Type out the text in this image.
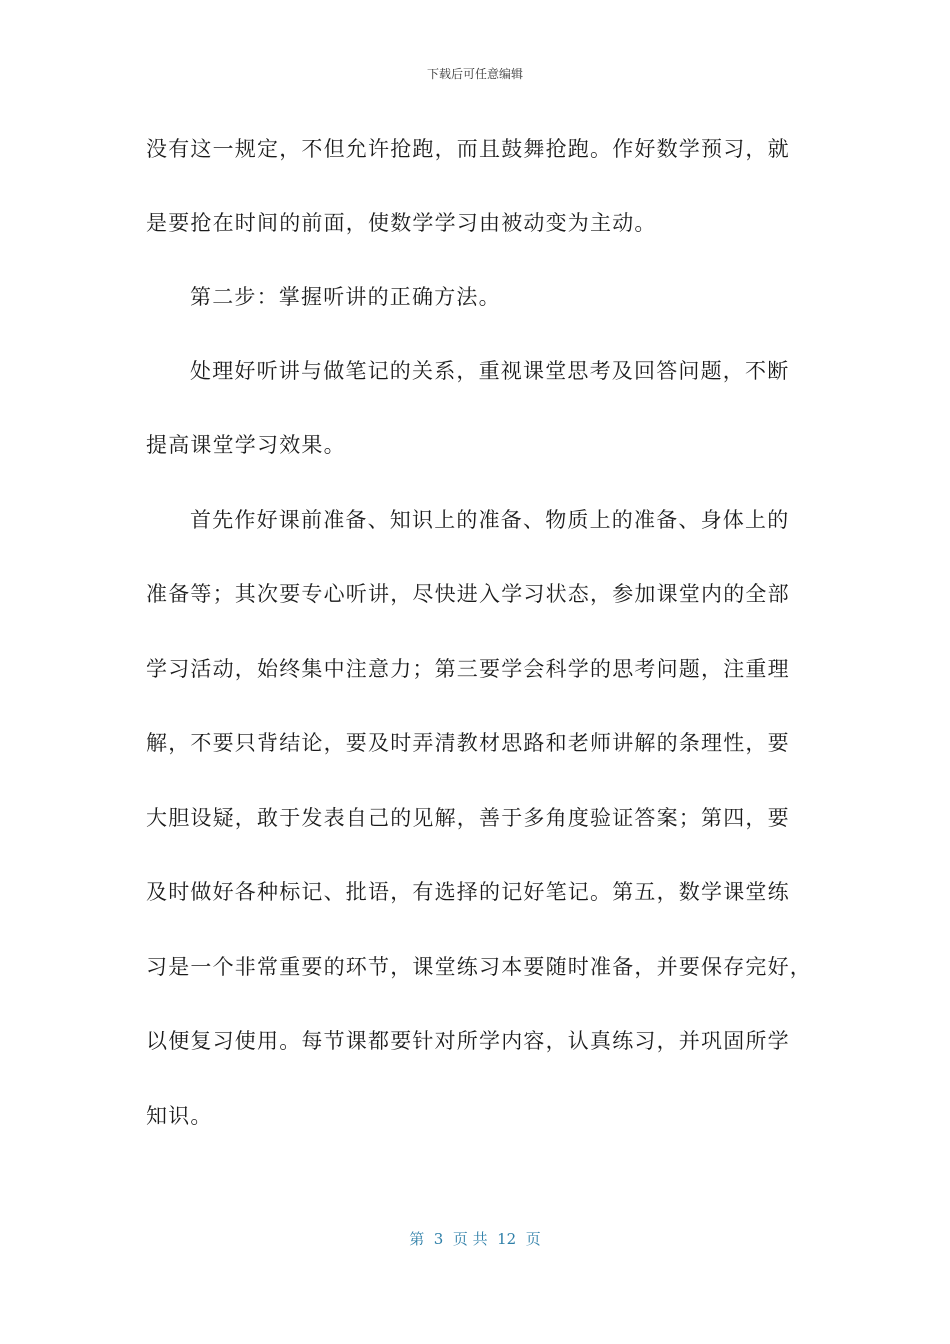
下载后可任意编辑
没有这一规定，不但允许抢跑，而且鼓舞抢跑。作好数学预习，就
是要抢在时间的前面，使数学学习由被动变为主动。
第二步：掌握听讲的正确方法。
处理好听讲与做笔记的关系，重视课堂思考及回答问题，不断
提高课堂学习效果。
首先作好课前准备、知识上的准备、物质上的准备、身体上的
准备等；其次要专心听讲，尽快进入学习状态，参加课堂内的全部
学习活动，始终集中注意力；第三要学会科学的思考问题，注重理
解，不要只背结论，要及时弄清教材思路和老师讲解的条理性，要
大胆设疑，敢于发表自己的见解，善于多角度验证答案；第四，要
及时做好各种标记、批语，有选择的记好笔记。第五，数学课堂练
习是一个非常重要的环节，课堂练习本要随时准备，并要保存完好，
以便复习使用。每节课都要针对所学内容，认真练习，并巩固所学
知识。
第  3  页 共  12  页
